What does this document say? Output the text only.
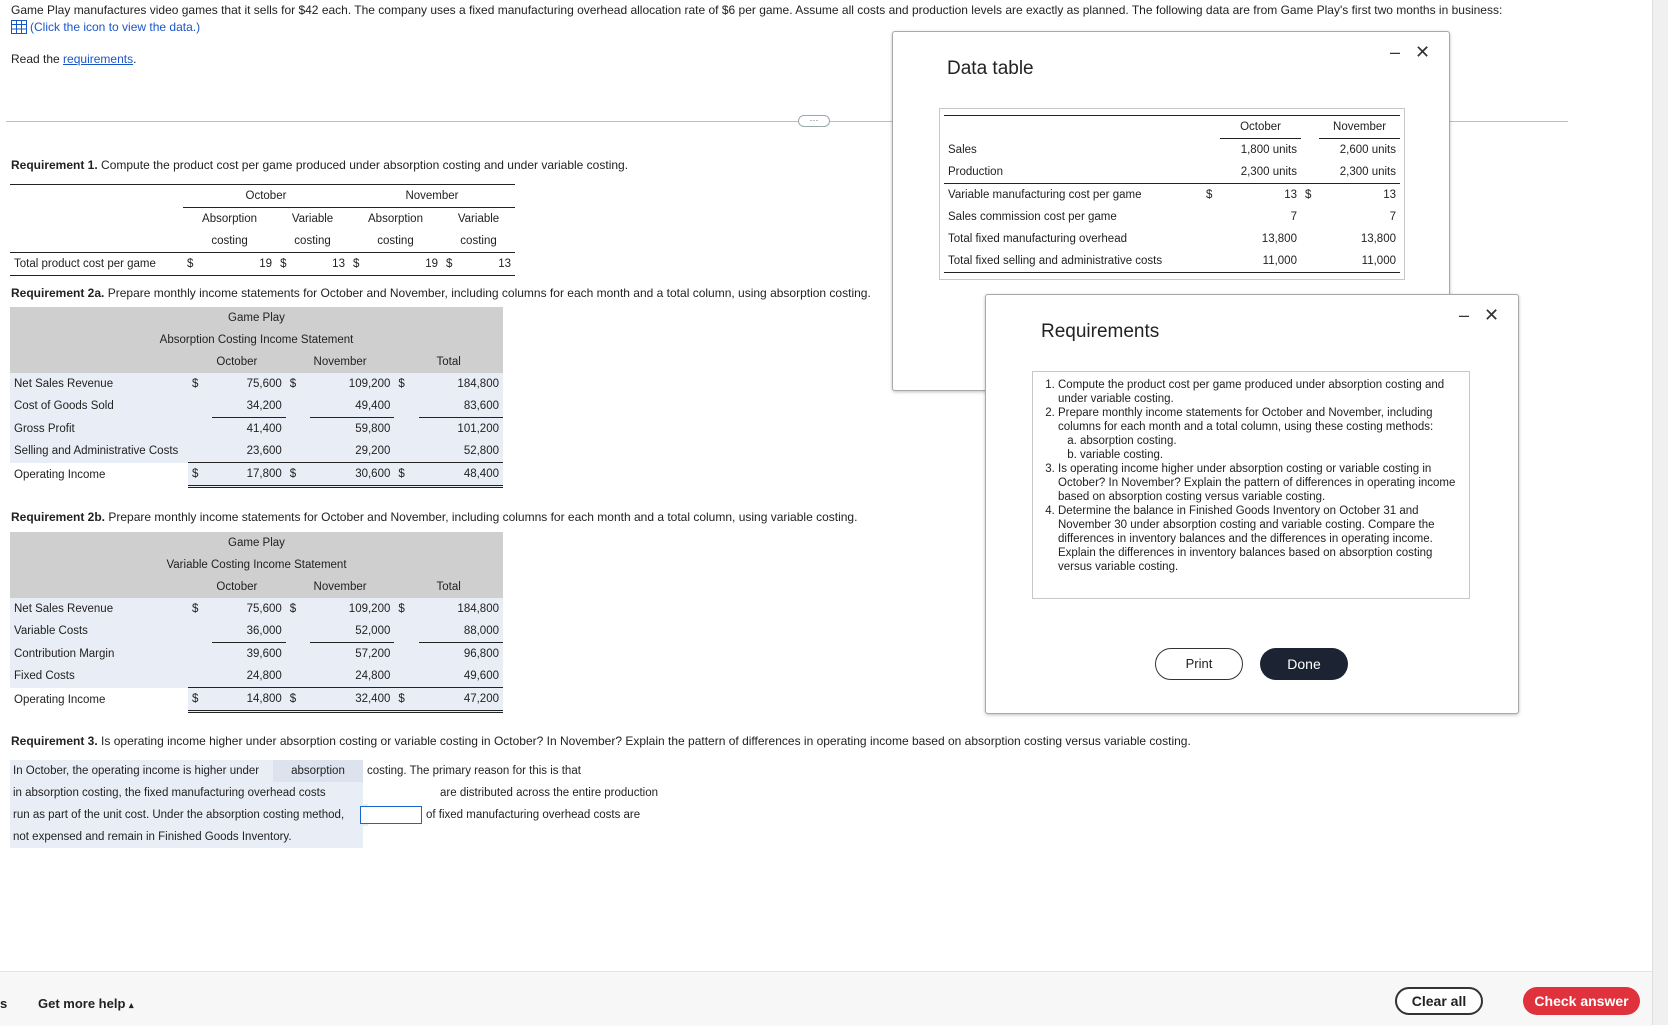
Game Play manufactures video games that it sells for $42 each. The company uses a fixed manufacturing overhead allocation rate of $6 per game. Assume all costs and production levels are exactly as planned. The following data are from Game Play's first two months in business:
(Click the icon to view the data.)
Read the requirements.
···
Requirement 1. Compute the product cost per game produced under absorption costing and under variable costing.
	October				November			
	Absorption		Variable		Absorption		Variable	
	costing		costing		costing		costing	
Total product cost per game	$	19	$	13	$	19	$	13
Requirement 2a. Prepare monthly income statements for October and November, including columns for each month and a total column, using absorption costing.
Game Play						
Absorption Costing Income Statement						
	October		November		Total	
Net Sales Revenue	$	75,600	$	109,200	$	184,800
Cost of Goods Sold		34,200		49,400		83,600
Gross Profit		41,400		59,800		101,200
Selling and Administrative Costs		23,600		29,200		52,800
Operating Income	$	17,800	$	30,600	$	48,400
Requirement 2b. Prepare monthly income statements for October and November, including columns for each month and a total column, using variable costing.
Game Play						
Variable Costing Income Statement						
	October		November		Total	
Net Sales Revenue	$	75,600	$	109,200	$	184,800
Variable Costs		36,000		52,000		88,000
Contribution Margin		39,600		57,200		96,800
Fixed Costs		24,800		24,800		49,600
Operating Income	$	14,800	$	32,400	$	47,200
Requirement 3. Is operating income higher under absorption costing or variable costing in October? In November? Explain the pattern of differences in operating income based on absorption costing versus variable costing.
In October, the operating income is higher under	absorption	costing. The primary reason for this is that
in absorption costing, the fixed manufacturing overhead costs	are distributed across the entire production
run as part of the unit cost. Under the absorption costing method,	of fixed manufacturing overhead costs are
not expensed and remain in Finished Goods Inventory.
Data table
– ✕
		October		November
Sales		1,800 units		2,600 units
Production		2,300 units		2,300 units
Variable manufacturing cost per game	$	13	$	13
Sales commission cost per game		7		7
Total fixed manufacturing overhead		13,800		13,800
Total fixed selling and administrative costs		11,000		11,000
Requirements
– ✕
1. Compute the product cost per game produced under absorption costing and under variable costing.
2. Prepare monthly income statements for October and November, including columns for each month and a total column, using these costing methods:
a. absorption costing.
b. variable costing.
3. Is operating income higher under absorption costing or variable costing in October? In November? Explain the pattern of differences in operating income based on absorption costing versus variable costing.
4. Determine the balance in Finished Goods Inventory on October 31 and November 30 under absorption costing and variable costing. Compare the differences in inventory balances and the differences in operating income. Explain the differences in inventory balances based on absorption costing versus variable costing.
Print	Done
s Get more help ▴	Clear all	Check answer
